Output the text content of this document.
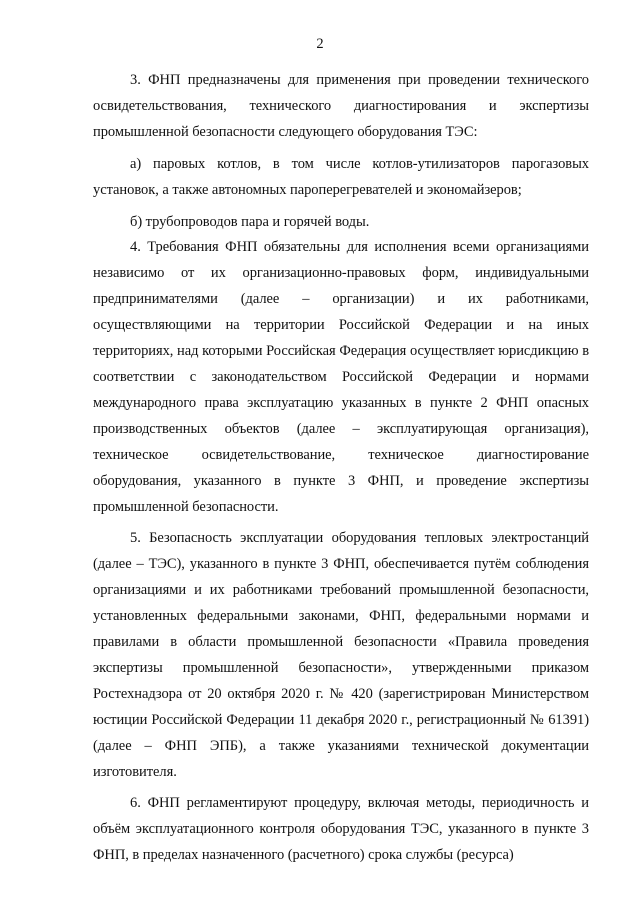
2

3. ФНП предназначены для применения при проведении технического освидетельствования, технического диагностирования и экспертизы промышленной безопасности следующего оборудования ТЭС:

а) паровых котлов, в том числе котлов-утилизаторов парогазовых установок, а также автономных пароперегревателей и экономайзеров;

б) трубопроводов пара и горячей воды.

4. Требования ФНП обязательны для исполнения всеми организациями независимо от их организационно-правовых форм, индивидуальными предпринимателями (далее – организации) и их работниками, осуществляющими на территории Российской Федерации и на иных территориях, над которыми Российская Федерация осуществляет юрисдикцию в соответствии с законодательством Российской Федерации и нормами международного права эксплуатацию указанных в пункте 2 ФНП опасных производственных объектов (далее – эксплуатирующая организация), техническое освидетельствование, техническое диагностирование оборудования, указанного в пункте 3 ФНП, и проведение экспертизы промышленной безопасности.

5. Безопасность эксплуатации оборудования тепловых электростанций (далее – ТЭС), указанного в пункте 3 ФНП, обеспечивается путём соблюдения организациями и их работниками требований промышленной безопасности, установленных федеральными законами, ФНП, федеральными нормами и правилами в области промышленной безопасности «Правила проведения экспертизы промышленной безопасности», утвержденными приказом Ростехнадзора от 20 октября 2020 г. № 420 (зарегистрирован Министерством юстиции Российской Федерации 11 декабря 2020 г., регистрационный № 61391) (далее – ФНП ЭПБ), а также указаниями технической документации изготовителя.

6. ФНП регламентируют процедуру, включая методы, периодичность и объём эксплуатационного контроля оборудования ТЭС, указанного в пункте 3 ФНП, в пределах назначенного (расчетного) срока службы (ресурса)
